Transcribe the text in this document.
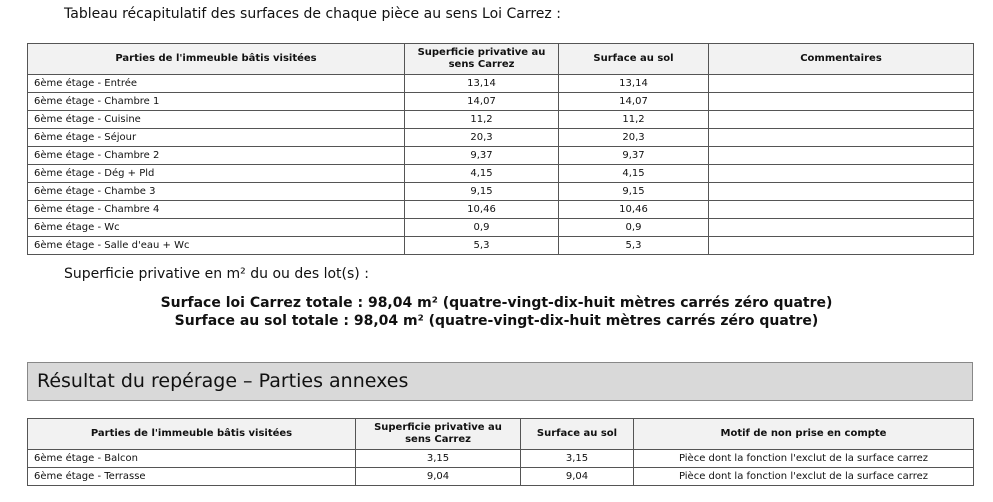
Tableau récapitulatif des surfaces de chaque pièce au sens Loi Carrez :

Parties de l'immeuble bâtis visitées	Superficie privative au sens Carrez	Surface au sol	Commentaires
6ème étage - Entrée	13,14	13,14	
6ème étage - Chambre 1	14,07	14,07	
6ème étage - Cuisine	11,2	11,2	
6ème étage - Séjour	20,3	20,3	
6ème étage - Chambre 2	9,37	9,37	
6ème étage - Dég + Pld	4,15	4,15	
6ème étage - Chambe 3	9,15	9,15	
6ème étage - Chambre 4	10,46	10,46	
6ème étage - Wc	0,9	0,9	
6ème étage - Salle d'eau + Wc	5,3	5,3	

Superficie privative en m² du ou des lot(s) :

Surface loi Carrez totale : 98,04 m² (quatre-vingt-dix-huit mètres carrés zéro quatre)

Surface au sol totale : 98,04 m² (quatre-vingt-dix-huit mètres carrés zéro quatre)

Résultat du repérage – Parties annexes
Parties de l'immeuble bâtis visitées	Superficie privative au sens Carrez	Surface au sol	Motif de non prise en compte
6ème étage - Balcon	3,15	3,15	Pièce dont la fonction l'exclut de la surface carrez
6ème étage - Terrasse	9,04	9,04	Pièce dont la fonction l'exclut de la surface carrez
